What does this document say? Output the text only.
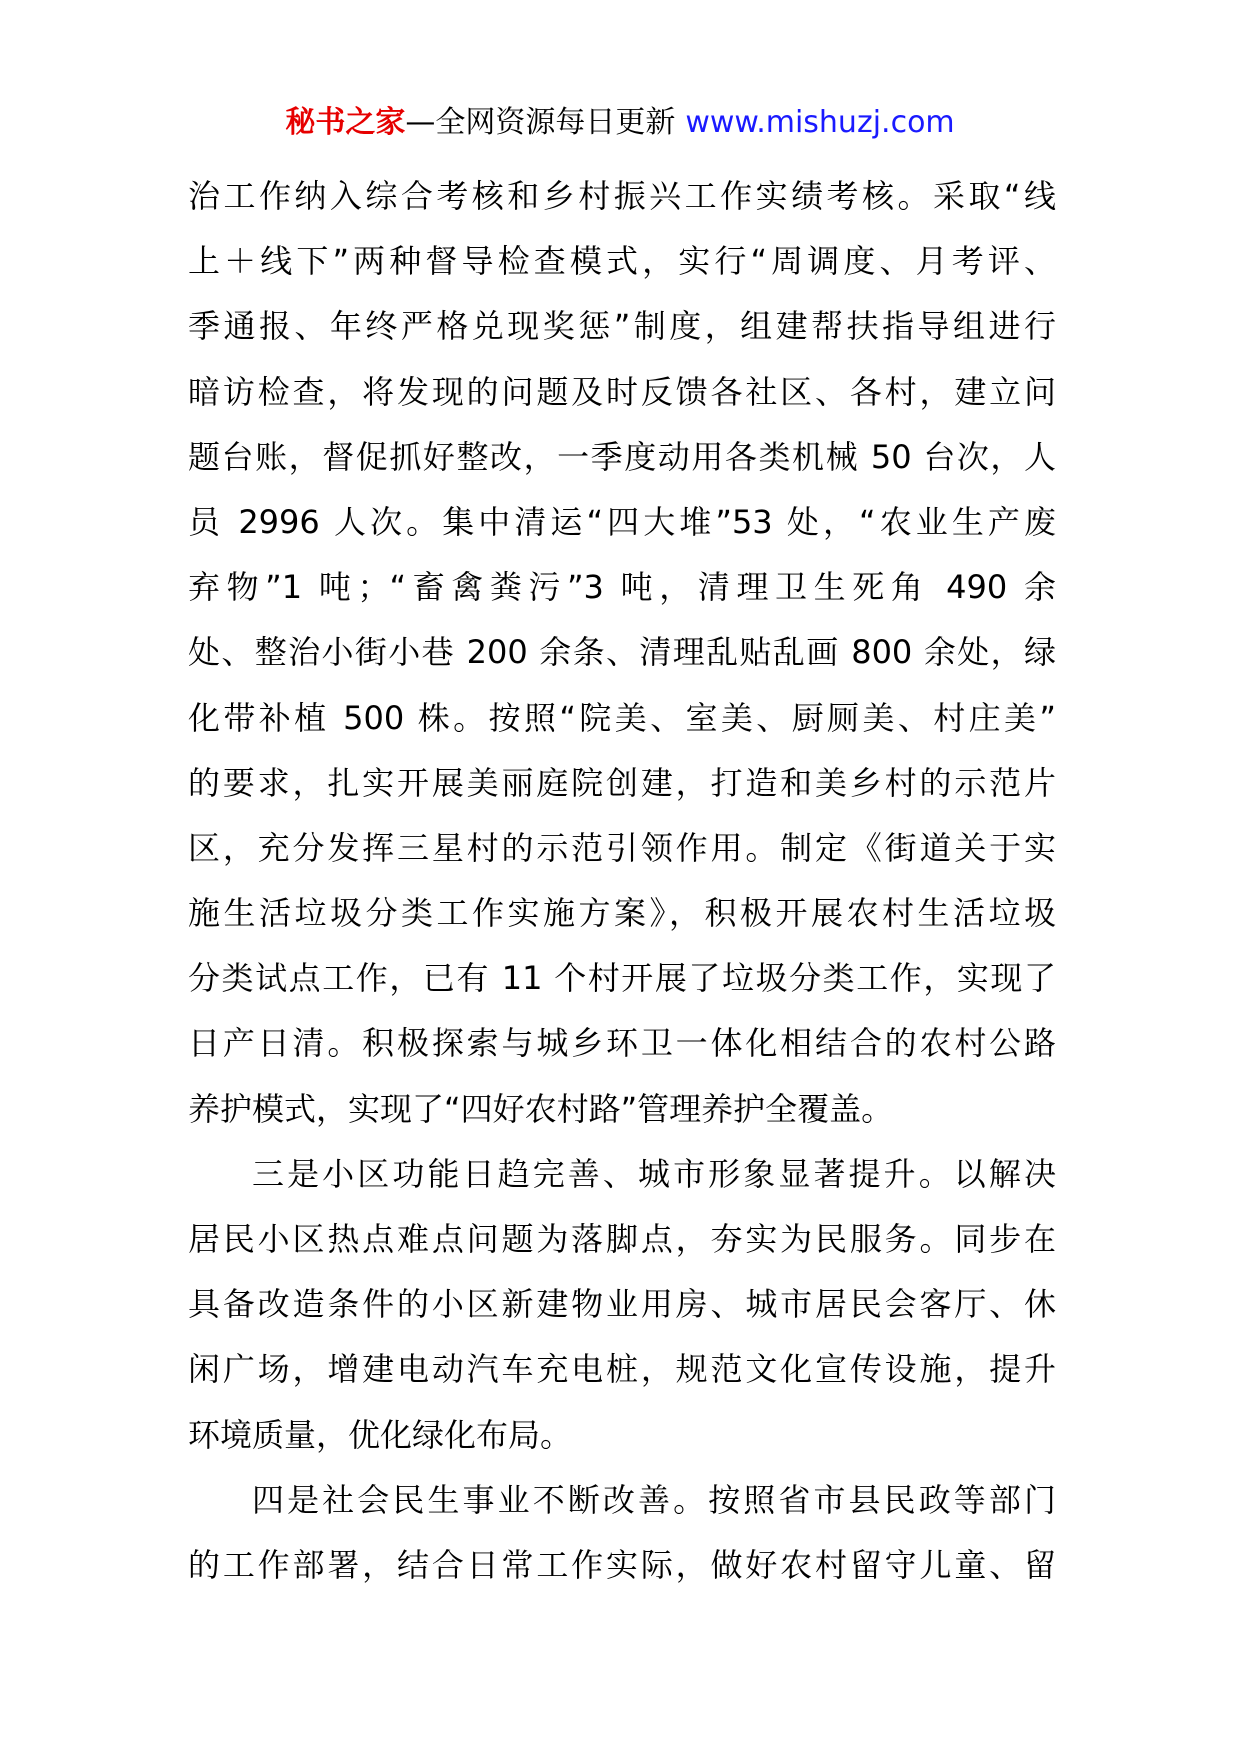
秘书之家—全网资源每日更新 www.mishuzj.com
治工作纳入综合考核和乡村振兴工作实绩考核。采取“线
上＋线下”两种督导检查模式，实行“周调度、月考评、
季通报、年终严格兑现奖惩”制度，组建帮扶指导组进行
暗访检查，将发现的问题及时反馈各社区、各村，建立问
题台账，督促抓好整改，一季度动用各类机械 50 台次，人
员 2996 人次。集中清运“四大堆”53 处，“农业生产废
弃物”1 吨；“畜禽粪污”3 吨，清理卫生死角 490 余
处、整治小街小巷 200 余条、清理乱贴乱画 800 余处，绿
化带补植 500 株。按照“院美、室美、厨厕美、村庄美”
的要求，扎实开展美丽庭院创建，打造和美乡村的示范片
区，充分发挥三星村的示范引领作用。制定《街道关于实
施生活垃圾分类工作实施方案》，积极开展农村生活垃圾
分类试点工作，已有 11 个村开展了垃圾分类工作，实现了
日产日清。积极探索与城乡环卫一体化相结合的农村公路
养护模式，实现了“四好农村路”管理养护全覆盖。
三是小区功能日趋完善、城市形象显著提升。以解决
居民小区热点难点问题为落脚点，夯实为民服务。同步在
具备改造条件的小区新建物业用房、城市居民会客厅、休
闲广场，增建电动汽车充电桩，规范文化宣传设施，提升
环境质量，优化绿化布局。
四是社会民生事业不断改善。按照省市县民政等部门
的工作部署，结合日常工作实际，做好农村留守儿童、留
